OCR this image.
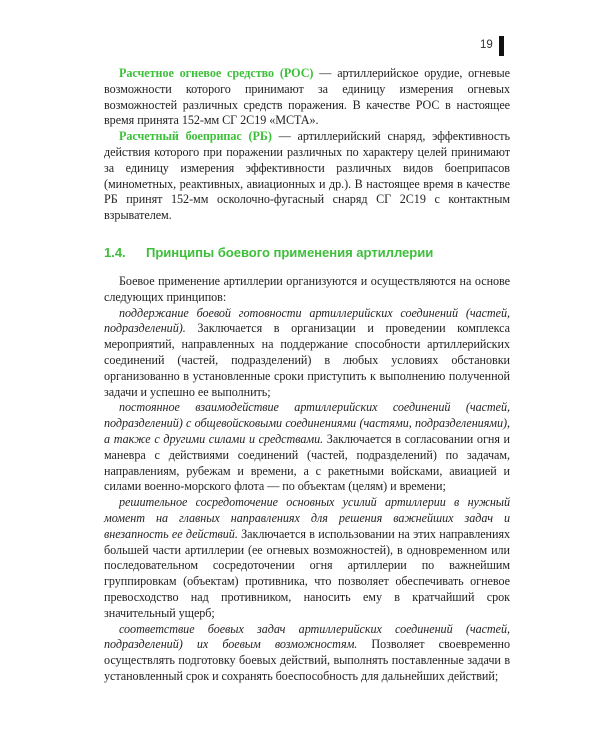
19

Расчетное огневое средство (РОС) — артиллерийское орудие, огневые возможности которого принимают за единицу измерения огневых возможностей различных средств поражения. В качестве РОС в настоящее время принята 152-мм СГ 2С19 «МСТА».

Расчетный боеприпас (РБ) — артиллерийский снаряд, эффективность действия которого при поражении различных по характеру целей принимают за единицу измерения эффективности различных видов боеприпасов (минометных, реактивных, авиационных и др.). В настоящее время в качестве РБ принят 152-мм осколочно-фугасный снаряд СГ 2С19 с контактным взрывателем.

1.4. Принципы боевого применения артиллерии

Боевое применение артиллерии организуются и осуществляются на основе следующих принципов:

поддержание боевой готовности артиллерийских соединений (частей, подразделений). Заключается в организации и проведении комплекса мероприятий, направленных на поддержание способности артиллерийских соединений (частей, подразделений) в любых условиях обстановки организованно в установленные сроки приступить к выполнению полученной задачи и успешно ее выполнить;

постоянное взаимодействие артиллерийских соединений (частей, подразделений) с общевойсковыми соединениями (частями, подразделениями), а также с другими силами и средствами. Заключается в согласовании огня и маневра с действиями соединений (частей, подразделений) по задачам, направлениям, рубежам и времени, а с ракетными войсками, авиацией и силами военно-морского флота — по объектам (целям) и времени;

решительное сосредоточение основных усилий артиллерии в нужный момент на главных направлениях для решения важнейших задач и внезапность ее действий. Заключается в использовании на этих направлениях большей части артиллерии (ее огневых возможностей), в одновременном или последовательном сосредоточении огня артиллерии по важнейшим группировкам (объектам) противника, что позволяет обеспечивать огневое превосходство над противником, наносить ему в кратчайший срок значительный ущерб;

соответствие боевых задач артиллерийских соединений (частей, подразделений) их боевым возможностям. Позволяет своевременно осуществлять подготовку боевых действий, выполнять поставленные задачи в установленный срок и сохранять боеспособность для дальнейших действий;
